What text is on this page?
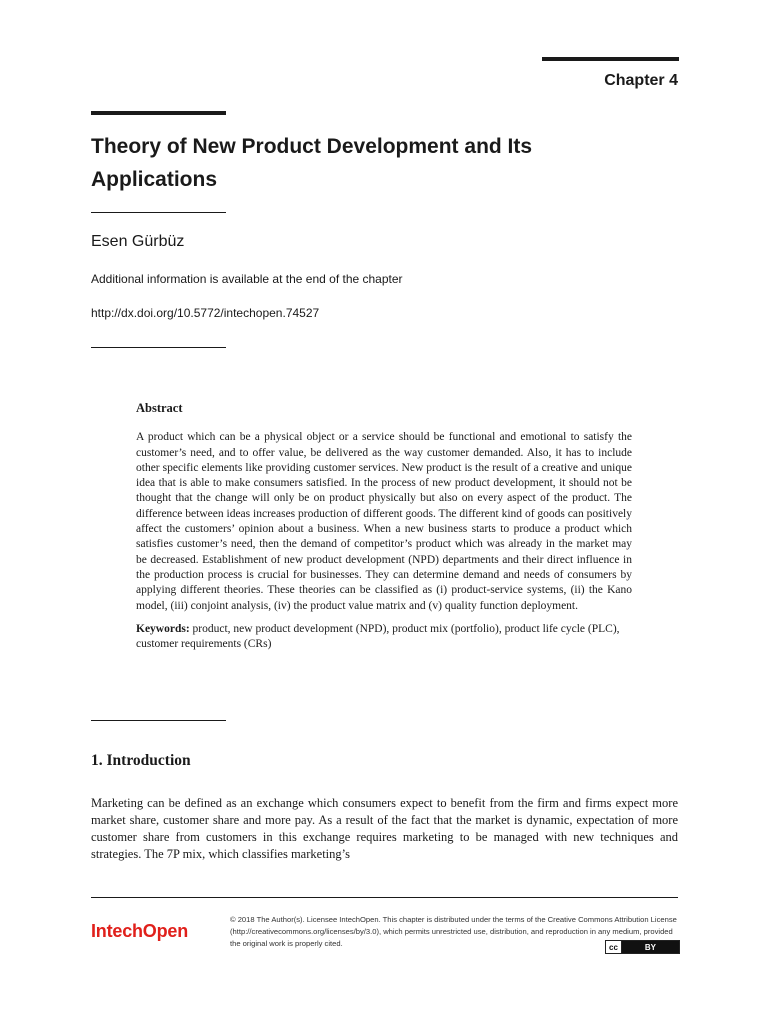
Chapter 4
Theory of New Product Development and Its Applications
Esen Gürbüz
Additional information is available at the end of the chapter
http://dx.doi.org/10.5772/intechopen.74527
Abstract

A product which can be a physical object or a service should be functional and emotional to satisfy the customer’s need, and to offer value, be delivered as the way customer demanded. Also, it has to include other specific elements like providing customer services. New product is the result of a creative and unique idea that is able to make consumers satisfied. In the process of new product development, it should not be thought that the change will only be on product physically but also on every aspect of the product. The difference between ideas increases production of different goods. The different kind of goods can positively affect the customers’ opinion about a business. When a new business starts to produce a product which satisfies customer’s need, then the demand of competitor’s product which was already in the market may be decreased. Establishment of new product development (NPD) departments and their direct influence in the production process is crucial for businesses. They can determine demand and needs of consumers by applying different theories. These theories can be classified as (i) product-service systems, (ii) the Kano model, (iii) conjoint analysis, (iv) the product value matrix and (v) quality function deployment.

Keywords: product, new product development (NPD), product mix (portfolio), product life cycle (PLC), customer requirements (CRs)
1. Introduction

Marketing can be defined as an exchange which consumers expect to benefit from the firm and firms expect more market share, customer share and more pay. As a result of the fact that the market is dynamic, expectation of more customer share from customers in this exchange requires marketing to be managed with new techniques and strategies. The 7P mix, which classifies marketing’s

IntechOpen
© 2018 The Author(s). Licensee IntechOpen. This chapter is distributed under the terms of the Creative Commons Attribution License (http://creativecommons.org/licenses/by/3.0), which permits unrestricted use, distribution, and reproduction in any medium, provided the original work is properly cited.	cc	BY
